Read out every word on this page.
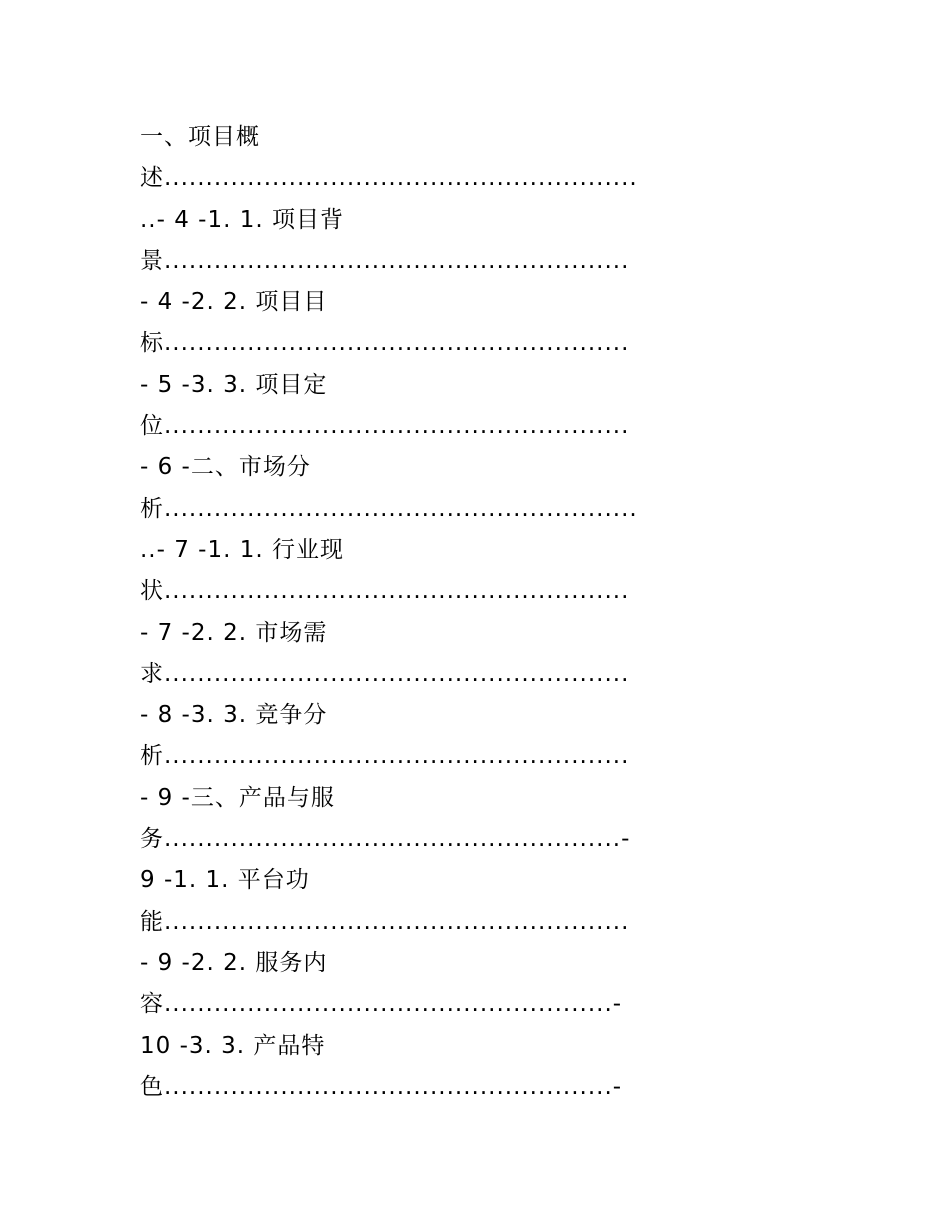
一、项目概
述.........................................................
..- 4 -1. 1. 项目背
景........................................................
- 4 -2. 2. 项目目
标........................................................
- 5 -3. 3. 项目定
位........................................................
- 6 -二、市场分
析.........................................................
..- 7 -1. 1. 行业现
状........................................................
- 7 -2. 2. 市场需
求........................................................
- 8 -3. 3. 竞争分
析........................................................
- 9 -三、产品与服
务.......................................................-
9 -1. 1. 平台功
能........................................................
- 9 -2. 2. 服务内
容......................................................-
10 -3. 3. 产品特
色......................................................-
